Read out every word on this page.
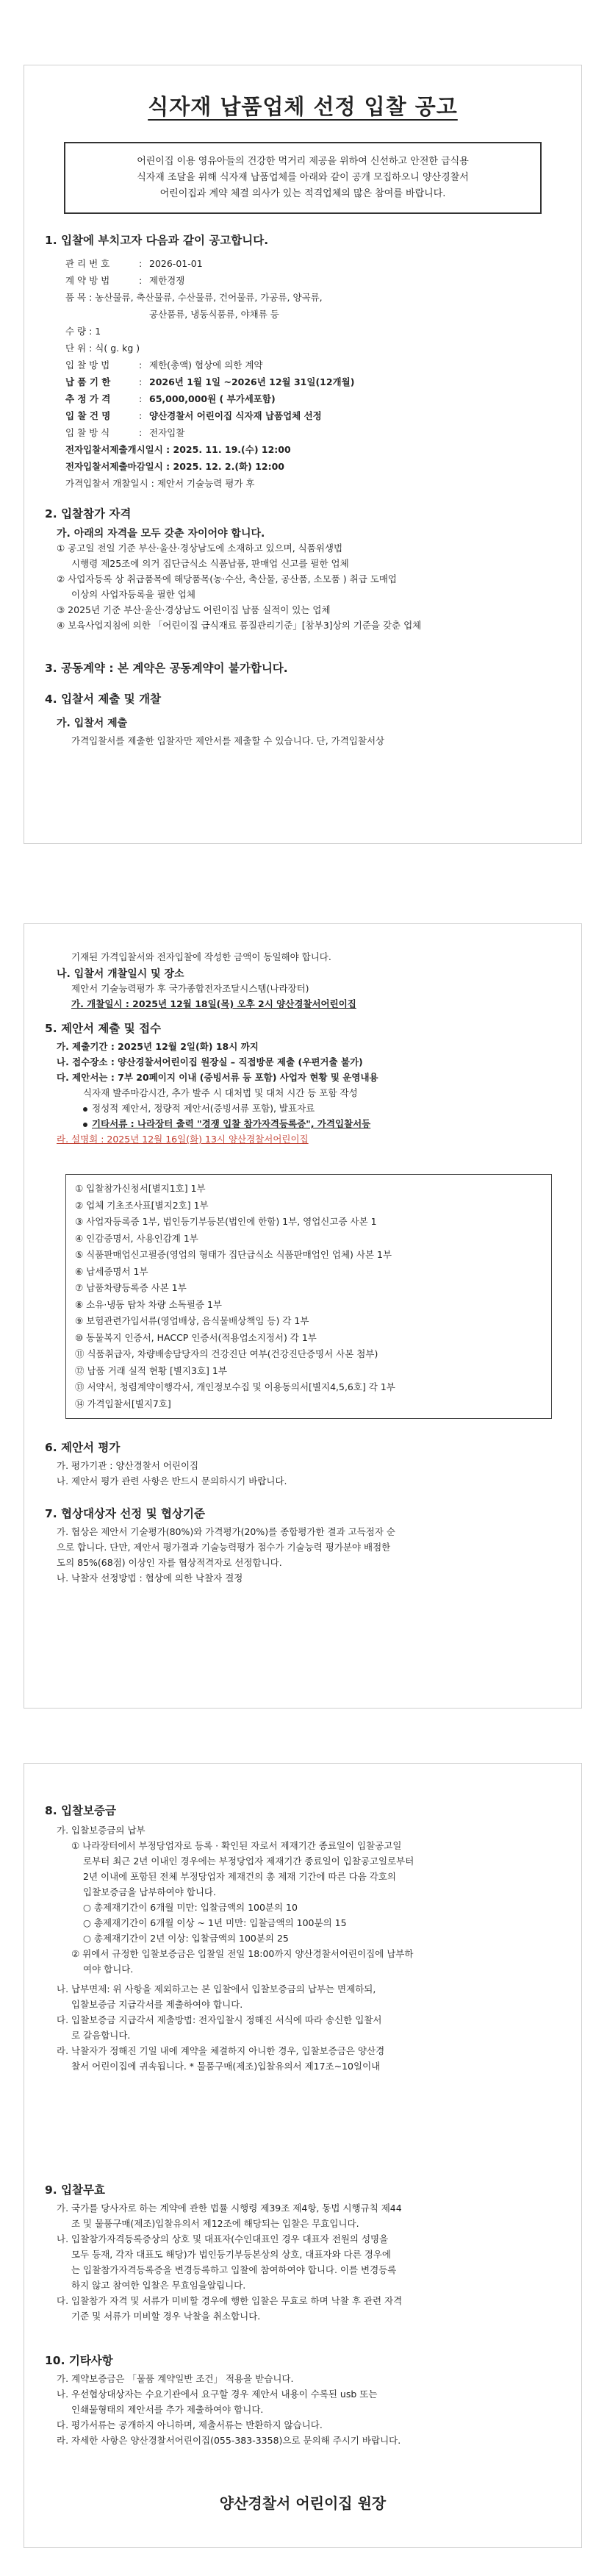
식자재 납품업체 선정 입찰 공고
어린이집 이용 영유아들의 건강한 먹거리 제공을 위하여 신선하고 안전한 급식용
식자재 조달을 위해 식자재 납품업체를 아래와 같이 공개 모집하오니 양산경찰서
어린이집과 계약 체결 의사가 있는 적격업체의 많은 참여를 바랍니다.

1. 입찰에 부치고자 다음과 같이 공고합니다.

관 리 번 호	:	2026-01-01
계 약 방 법	:	제한경쟁
품 목 : 농산물류, 축산물류, 수산물류, 건어물류, 가공류, 양곡류,		
		공산품류, 냉동식품류, 야채류 등
수 량 : 1		
단 위 : 식( g. kg )		
입 찰 방 법	:	제한(총액) 협상에 의한 계약
납 품 기 한	:	2026년 1월 1일 ~2026년 12월 31일(12개월)
추 정 가 격	:	65,000,000원 ( 부가세포함)
입 찰 건 명	:	양산경찰서 어린이집 식자재 납품업체 선정
입 찰 방 식	:	전자입찰
전자입찰서제출개시일시 : 2025. 11. 19.(수) 12:00		
전자입찰서제출마감일시 : 2025. 12. 2.(화) 12:00		
가격입찰서 개찰일시 : 제안서 기술능력 평가 후		

2. 입찰참가 자격

가. 아래의 자격을 모두 갖춘 자이어야 합니다.

① 공고일 전일 기준 부산·울산·경상남도에 소재하고 있으며, 식품위생법

시행령 제25조에 의거 집단급식소 식품납품, 판매업 신고를 필한 업체

② 사업자등록 상 취급품목에 해당품목(농·수산, 축산물, 공산품, 소모품 ) 취급 도매업

이상의 사업자등록을 필한 업체

③ 2025년 기준 부산·울산·경상남도 어린이집 납품 실적이 있는 업체

④ 보육사업지침에 의한 「어린이집 급식재료 품질관리기준」[참부3]상의 기준을 갖춘 업체

3. 공동계약 : 본 계약은 공동계약이 불가합니다.

4. 입찰서 제출 및 개찰

가. 입찰서 제출

가격입찰서를 제출한 입찰자만 제안서를 제출할 수 있습니다. 단, 가격입찰서상

기재된 가격입찰서와 전자입찰에 작성한 금액이 동일해야 합니다.

나. 입찰서 개찰일시 및 장소

제안서 기술능력평가 후 국가종합전자조달시스템(나라장터)

가. 개찰일시 : 2025년 12월 18일(목) 오후 2시 양산경찰서어린이집

5. 제안서 제출 및 접수

가. 제출기간 : 2025년 12월 2일(화) 18시 까지

나. 접수장소 : 양산경찰서어린이집 원장실 – 직접방문 제출 (우편거출 불가)

다. 제안서는 : 7부 20페이지 이내 (증빙서류 등 포함) 사업자 현황 및 운영내용

식자재 발주마감시간, 추가 발주 시 대처법 및 대처 시간 등 포함 작성

정성적 제안서, 정량적 제안서(증빙서류 포함), 발표자료

기타서류 : 나라장터 출력 "경쟁 입찰 참가자격등록증", 가격입찰서등

라. 설명회 : 2025년 12월 16일(화) 13시 양산경찰서어린이집

① 입찰참가신청서[별지1호] 1부
② 업체 기초조사표[별지2호] 1부
③ 사업자등록증 1부, 법인등기부등본(법인에 한함) 1부, 영업신고증 사본 1
④ 인감증명서, 사용인감계 1부
⑤ 식품판매업신고필증(영업의 형태가 집단급식소 식품판매업인 업체) 사본 1부
⑥ 납세증명서 1부
⑦ 납품차량등록증 사본 1부
⑧ 소유·냉동 탑차 차량 소독필증 1부
⑨ 보험관련가입서류(영업배상, 음식물배상책임 등) 각 1부
⑩ 동물복지 인증서, HACCP 인증서(적용업소지정서) 각 1부
⑪ 식품취급자, 차량배송담당자의 건강진단 여부(건강진단증명서 사본 첨부)
⑫ 납품 거래 실적 현황 [별지3호] 1부
⑬ 서약서, 청렴계약이행각서, 개인정보수집 및 이용동의서[별지4,5,6호] 각 1부
⑭ 가격입찰서[별지7호]

6. 제안서 평가

가. 평가기관 : 양산경찰서 어린이집

나. 제안서 평가 관련 사항은 반드시 문의하시기 바랍니다.

7. 협상대상자 선정 및 협상기준

가. 협상은 제안서 기술평가(80%)와 가격평가(20%)를 종합평가한 결과 고득점자 순

으로 합니다. 단만, 제안서 평가결과 기술능력평가 점수가 기술능력 평가분야 배점한

도의 85%(68점) 이상인 자를 협상적격자로 선정합니다.

나. 낙찰자 선정방법 : 협상에 의한 낙찰자 결정

8. 입찰보증금

가. 입찰보증금의 납부

① 나라장터에서 부정당업자로 등록 · 확인된 자로서 제재기간 종료일이 입찰공고일

로부터 최근 2년 이내인 경우에는 부정당업자 제재기간 종료일이 입찰공고일로부터

2년 이내에 포함된 전체 부정당업자 제재건의 총 제재 기간에 따른 다음 각호의

입찰보증금을 납부하여야 합니다.

○ 총제재기간이 6개월 미만: 입찰금액의 100분의 10

○ 총제재기간이 6개월 이상 ~ 1년 미만: 입찰금액의 100분의 15

○ 총제재기간이 2년 이상: 입찰금액의 100분의 25

② 위에서 규정한 입찰보증금은 입찰일 전일 18:00까지 양산경찰서어린이집에 납부하

여야 합니다.

나. 납부면제: 위 사항을 제외하고는 본 입찰에서 입찰보증금의 납부는 면제하되,

입찰보증금 지급각서를 제출하여야 합니다.

다. 입찰보증금 지급각서 제출방법: 전자입찰시 정해진 서식에 따라 송신한 입찰서

로 갈음합니다.

라. 낙찰자가 정해진 기일 내에 계약을 체결하지 아니한 경우, 입찰보증금은 양산경

찰서 어린이집에 귀속됩니다. * 물품구매(제조)입찰유의서 제17조~10일이내

9. 입찰무효

가. 국가를 당사자로 하는 계약에 관한 법률 시행령 제39조 제4항, 동법 시행규칙 제44

조 및 물품구매(제조)입찰유의서 제12조에 해당되는 입찰은 무효입니다.

나. 입찰참가자격등록증상의 상호 및 대표자(수인대표인 경우 대표자 전원의 성명을

모두 등재, 각자 대표도 해당)가 법인등기부등본상의 상호, 대표자와 다른 경우에

는 입찰참가자격등록증을 변경등록하고 입찰에 참여하여야 합니다. 이를 변경등록

하지 않고 참여한 입찰은 무효임을알립니다.

다. 입찰참가 자격 및 서류가 미비할 경우에 행한 입찰은 무효로 하며 낙찰 후 관련 자격

기준 및 서류가 미비할 경우 낙찰을 취소합니다.

10. 기타사항

가. 계약보증금은 「물품 계약일반 조건」 적용을 받습니다.

나. 우선협상대상자는 수요기관에서 요구할 경우 제안서 내용이 수록된 usb 또는

인쇄물형태의 제안서를 추가 제출하여야 합니다.

다. 평가서류는 공개하지 아니하며, 제출서류는 반환하지 않습니다.

라. 자세한 사항은 양산경찰서어린이집(055-383-3358)으로 문의해 주시기 바랍니다.

양산경찰서 어린이집 원장
